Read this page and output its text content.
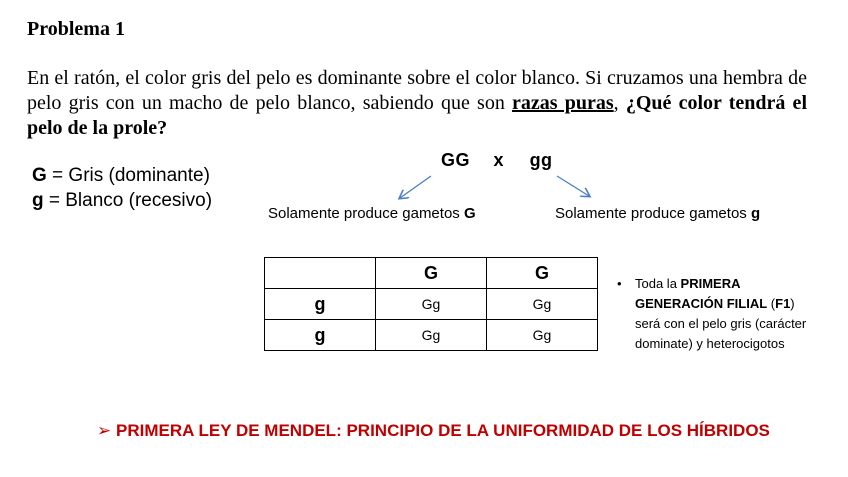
Problema 1
En el ratón, el color gris del pelo es dominante sobre el color blanco. Si cruzamos una hembra de pelo gris con un macho de pelo blanco, sabiendo que son razas puras, ¿Qué color tendrá el pelo de la prole?
G = Gris (dominante)
g = Blanco (recesivo)
GG x gg
Solamente produce gametos G	Solamente produce gametos g
	G	G
g	Gg	Gg
g	Gg	Gg
• Toda la PRIMERA GENERACIÓN FILIAL (F1) será con el pelo gris (carácter dominate) y heterocigotos
➢ PRIMERA LEY DE MENDEL: PRINCIPIO DE LA UNIFORMIDAD DE LOS HÍBRIDOS
